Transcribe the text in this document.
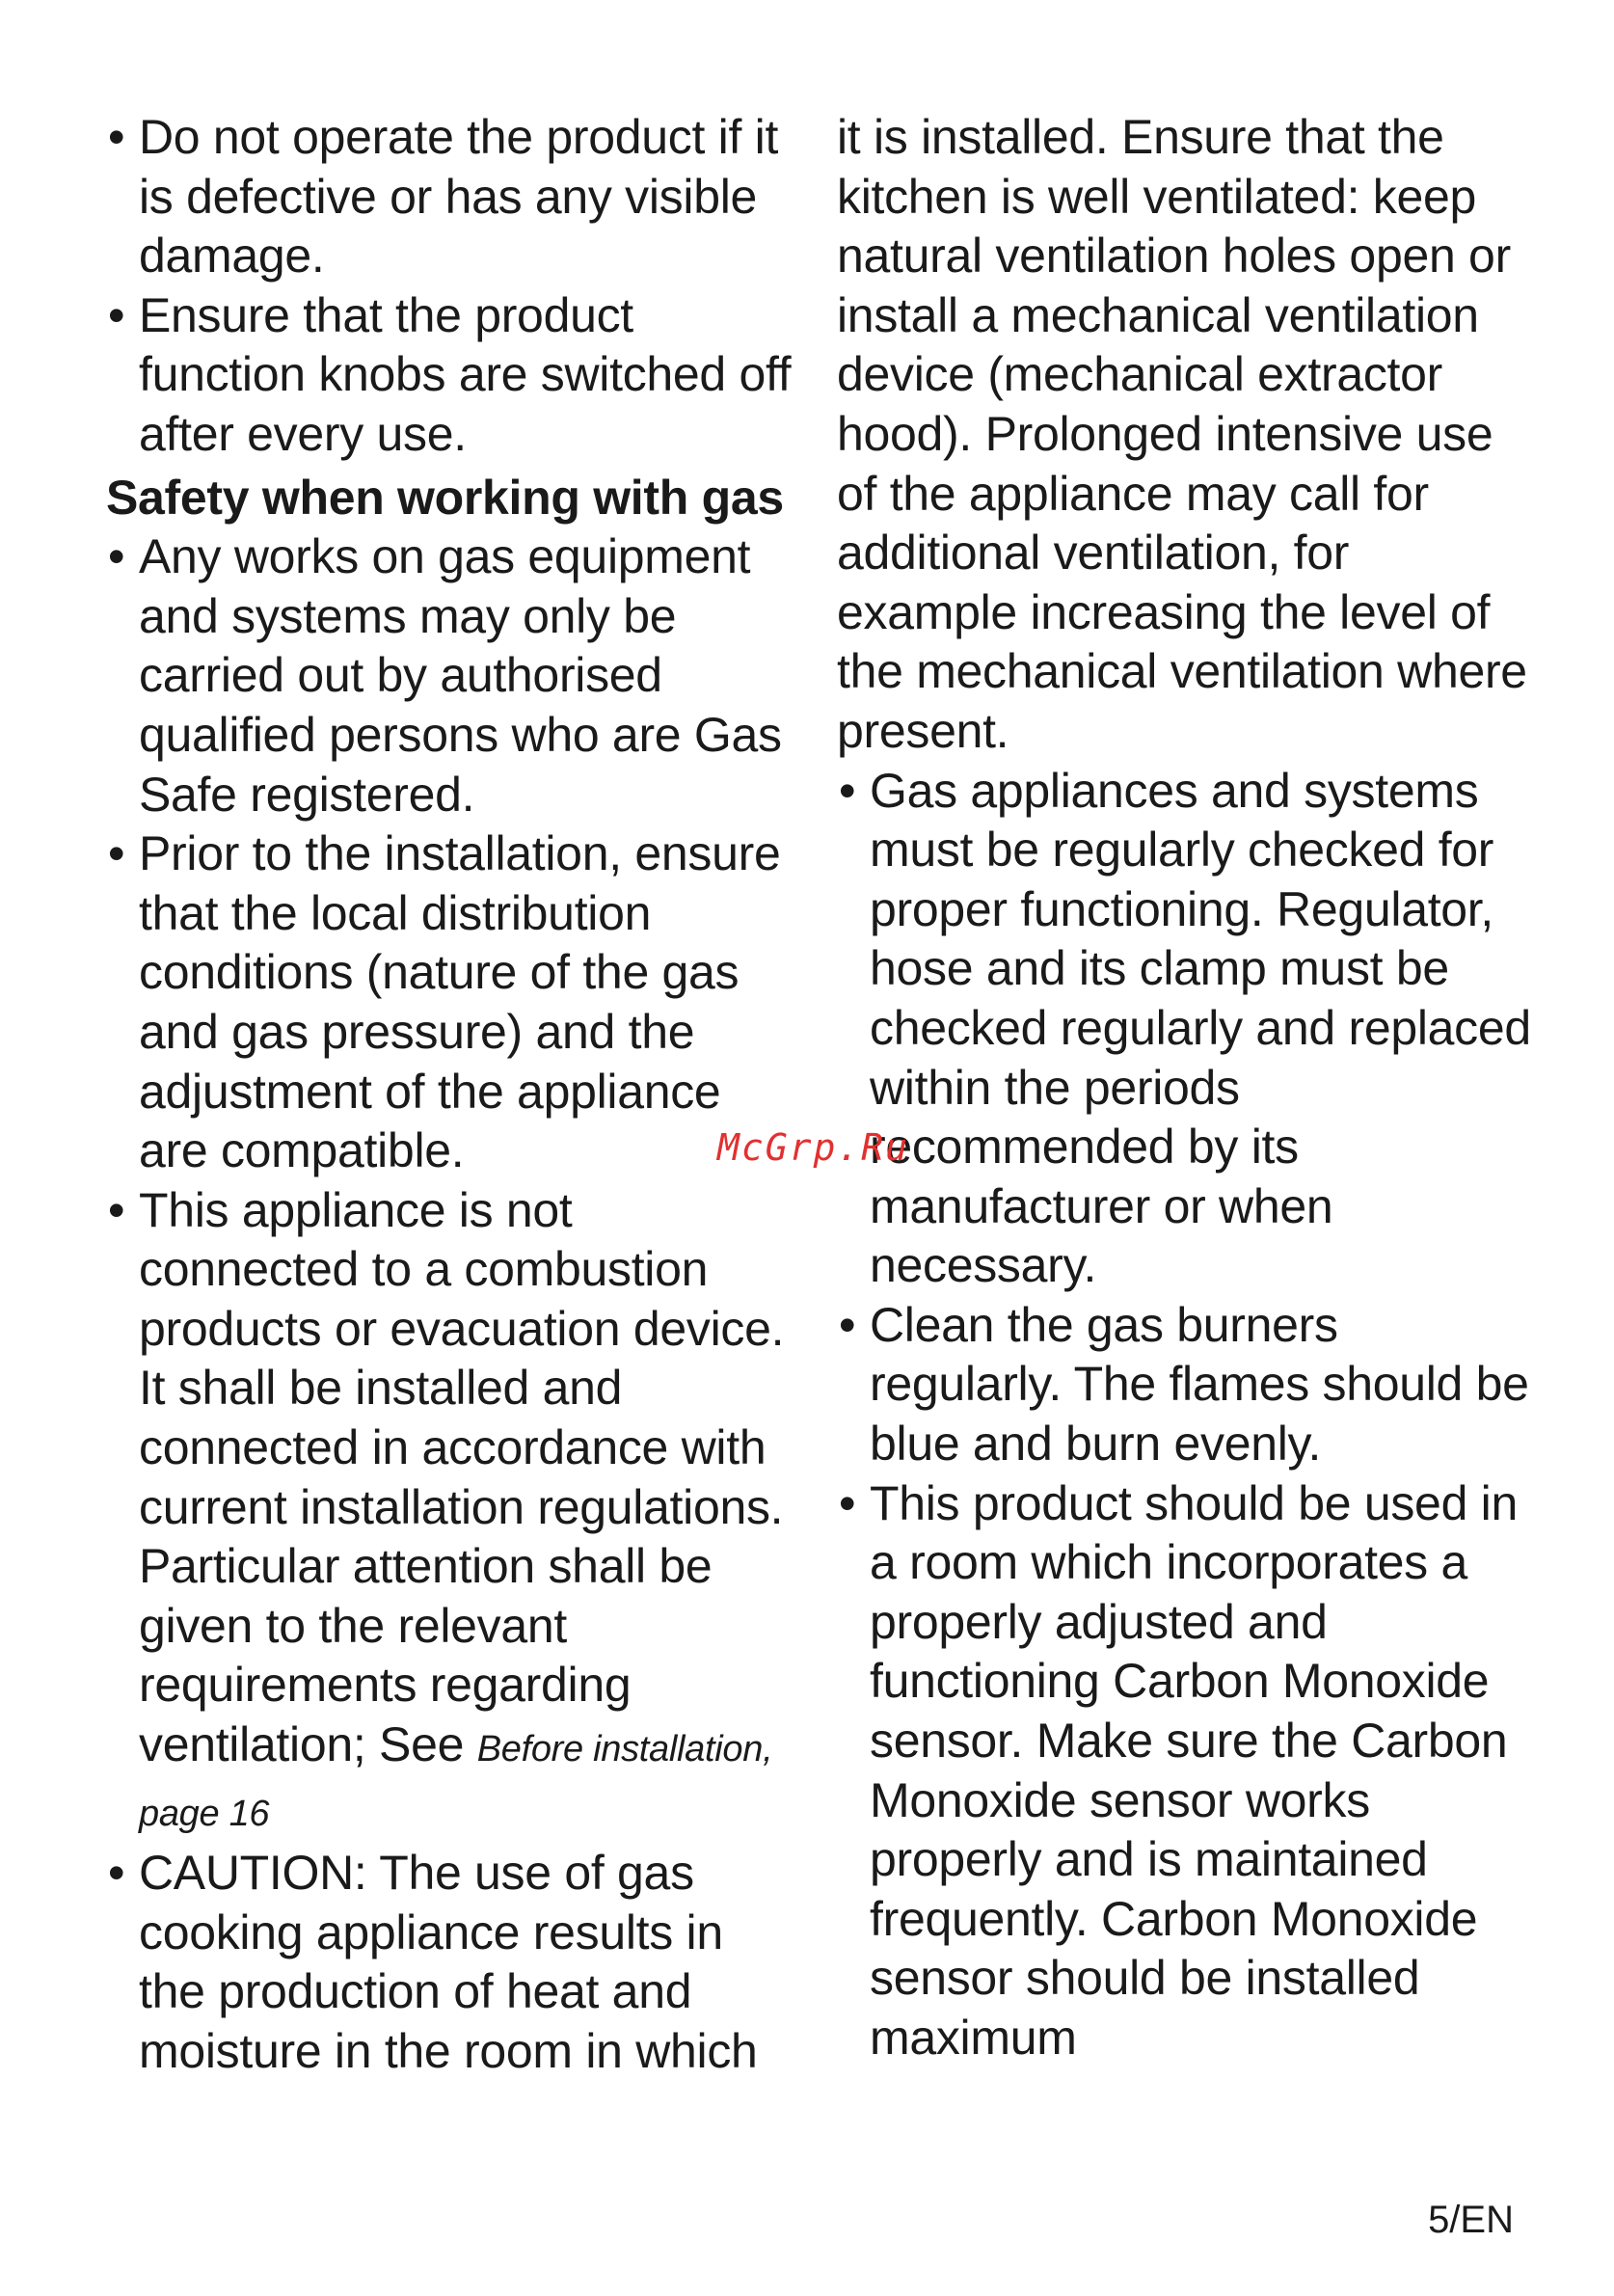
• Do not operate the product if it is defective or has any visible damage.

• Ensure that the product function knobs are switched off after every use.

Safety when working with gas

• Any works on gas equipment and systems may only be carried out by authorised qualified persons who are Gas Safe registered.

• Prior to the installation, ensure that the local distribution conditions (nature of the gas and gas pressure) and the adjustment of the appliance are compatible.

• This appliance is not connected to a combustion products or evacuation device. It shall be installed and connected in accordance with current installation regulations. Particular attention shall be given to the relevant requirements regarding ventilation; See Before installation, page 16

• CAUTION: The use of gas cooking appliance results in the production of heat and moisture in the room in which

it is installed. Ensure that the kitchen is well ventilated: keep natural ventilation holes open or install a mechanical ventilation device (mechanical extractor hood). Prolonged intensive use of the appliance may call for additional ventilation, for example increasing the level of the mechanical ventilation where present.

• Gas appliances and systems must be regularly checked for proper functioning. Regulator, hose and its clamp must be checked regularly and replaced within the periods recommended by its manufacturer or when necessary.

• Clean the gas burners regularly. The flames should be blue and burn evenly.

• This product should be used in a room which incorporates a properly adjusted and functioning Carbon Monoxide sensor. Make sure the Carbon Monoxide sensor works properly and is maintained frequently. Carbon Monoxide sensor should be installed maximum

McGrp.Ru
5/EN
